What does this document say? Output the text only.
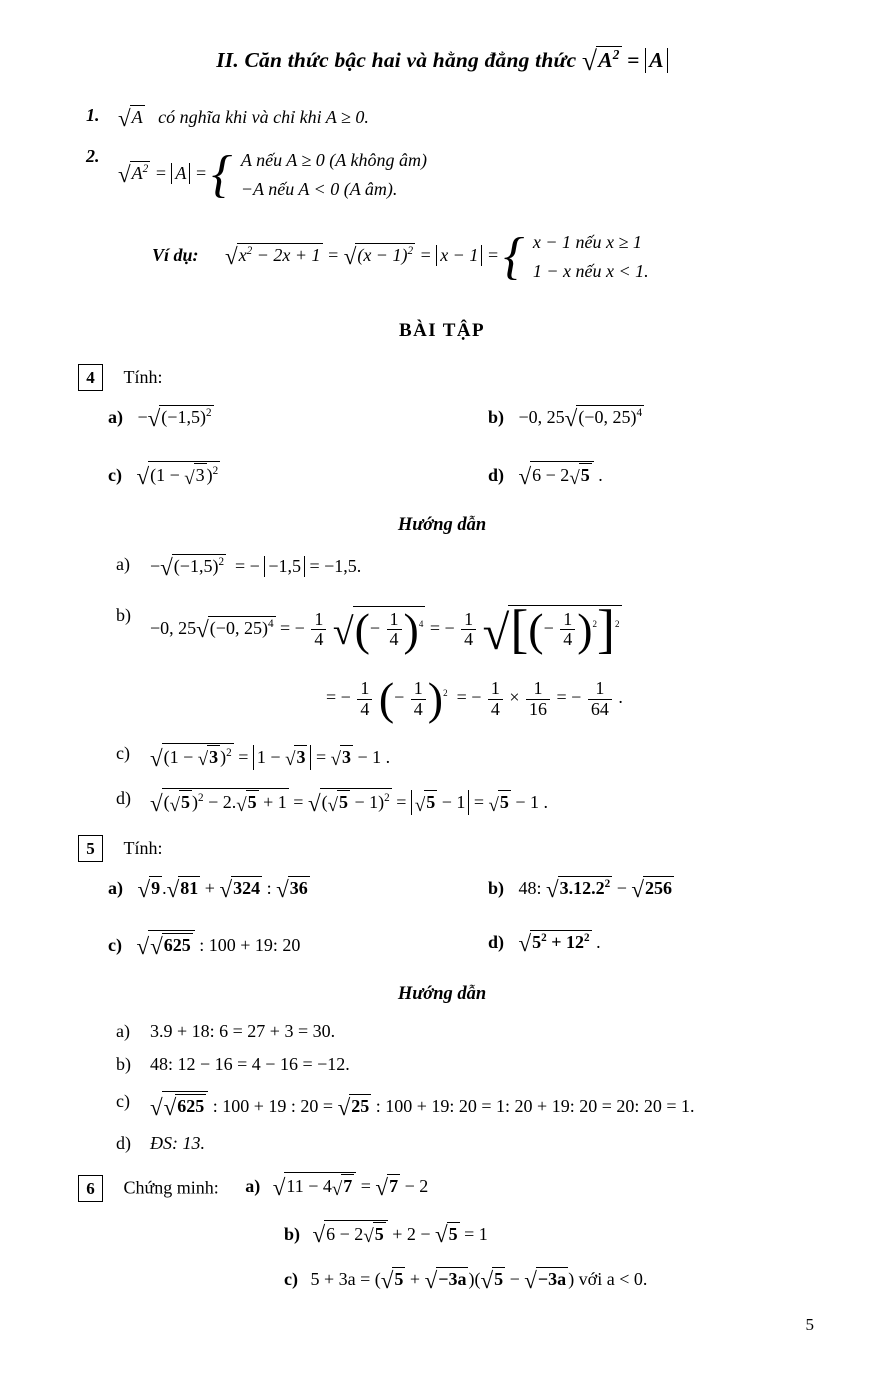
II. Căn thức bậc hai và hằng đẳng thức $√A^2 = A$
1. √A   có nghĩa khi và chỉ khi A ≥ 0.
2.
$√A^2 = A$ = { A nếu A ≥ 0 (A không âm)
−A nếu A < 0 (A âm).
Ví dụ: $√x^2 - 2x + 1 = √(x - 1)^2 = x - 1$ = { x − 1 nếu x ≥ 1
1 − x nếu x < 1.
BÀI TẬP
4 Tính:
$a) -√(-1,5)^2$	b) −0, 25√(−0, 25)$^4$
c) √(1 − √3 )$^2$	d) √6 − 2√5 .
Hướng dẫn
$a) -√(-1,5)^2$  = − −1,5 = −1,5.
b)
−0, 25√(−0, 25)$^4$ = − $\frac{1}{4}$ √(− $\frac{1}{4} )^4$ = − $\frac{1}{4}$ √[(− $\frac{1}{4} )^2]^2$
= − $\frac{1}{4}$ (− $\frac{1}{4} )^2$  = − $\frac{1}{4} \times \frac{1}{16}$ = − $\frac{1}{64}$ .
c) √(1 − √3 )$^2$ = 1 − √3 = √3 − 1 .
d) √(√5 )$^2 - 2.√5 + 1 = √(√5 - 1)^2 = √5 - 1 = √5 - 1$ .
5 Tính:
a) √9 .√81 + √324 : √36	b) 48: $√3.12.2^2 - √256$
c) √√625 : 100 + 19: 20	d) $√5^2 + 12^2$ .
Hướng dẫn
a) 3.9 + 18: 6 = 27 + 3 = 30.
b) 48: 12 − 16 = 4 − 16 = −12.
c) √√625 : 100 + 19 : 20 = √25 : 100 + 19: 20 = 1: 20 + 19: 20 = 20: 20 = 1.
d) ĐS: 13.
6 Chứng minh: a) √11 − 4√7 = √7 − 2
b) √6 − 2√5 + 2 − √5 = 1
c) 5 + 3a = (√5 + √−3a )(√5 − √−3a ) với a < 0.
5
